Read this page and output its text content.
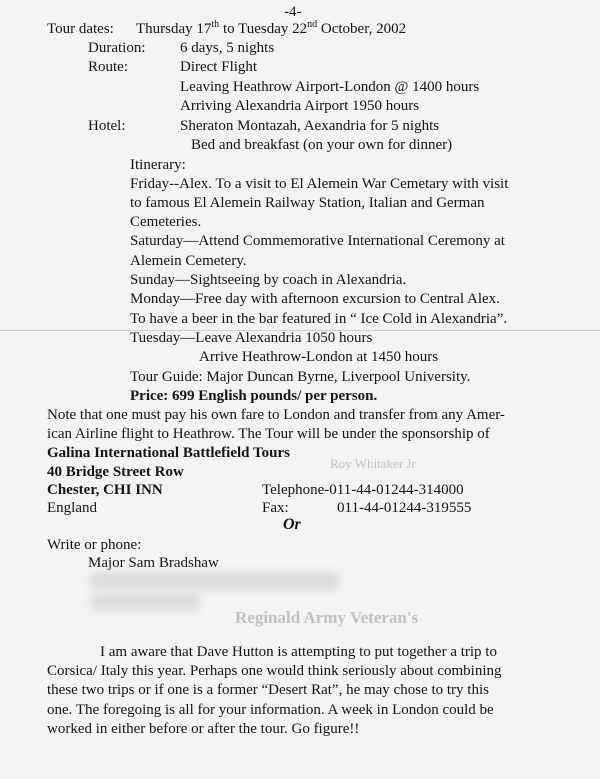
Roy Whitaker Jr
Reginald Army Veteran's
-4-
Tour dates: Thursday 17th to Tuesday 22nd October, 2002
Duration: 6 days, 5 nights
Route:	Direct Flight
Leaving Heathrow Airport-London @ 1400 hours
Arriving Alexandria Airport 1950 hours
Hotel:	Sheraton Montazah, Aexandria for 5 nights
Bed and breakfast (on your own for dinner)
Itinerary:
Friday--Alex. To a visit to El Alemein War Cemetary with visit
to famous El Alemein Railway Station, Italian and German
Cemeteries.
Saturday—Attend Commemorative International Ceremony at
Alemein Cemetery.
Sunday—Sightseeing by coach in Alexandria.
Monday—Free day with afternoon excursion to Central Alex.
To have a beer in the bar featured in “ Ice Cold in Alexandria”.
Tuesday—Leave Alexandria 1050 hours
Arrive Heathrow-London at 1450 hours
Tour Guide: Major Duncan Byrne, Liverpool University.
Price: 699 English pounds/ per person.
Note that one must pay his own fare to London and transfer from any Amer-
ican Airline flight to Heathrow. The Tour will be under the sponsorship of
Galina International Battlefield Tours
40 Bridge Street Row
Chester, CHI INN	Telephone-011-44-01244-314000
England	Fax:	011-44-01244-319555
Or
Write or phone:
Major Sam Bradshaw
I am aware that Dave Hutton is attempting to put together a trip to
Corsica/ Italy this year. Perhaps one would think seriously about combining
these two trips or if one is a former “Desert Rat”, he may chose to try this
one. The foregoing is all for your information. A week in London could be
worked in either before or after the tour. Go figure!!
